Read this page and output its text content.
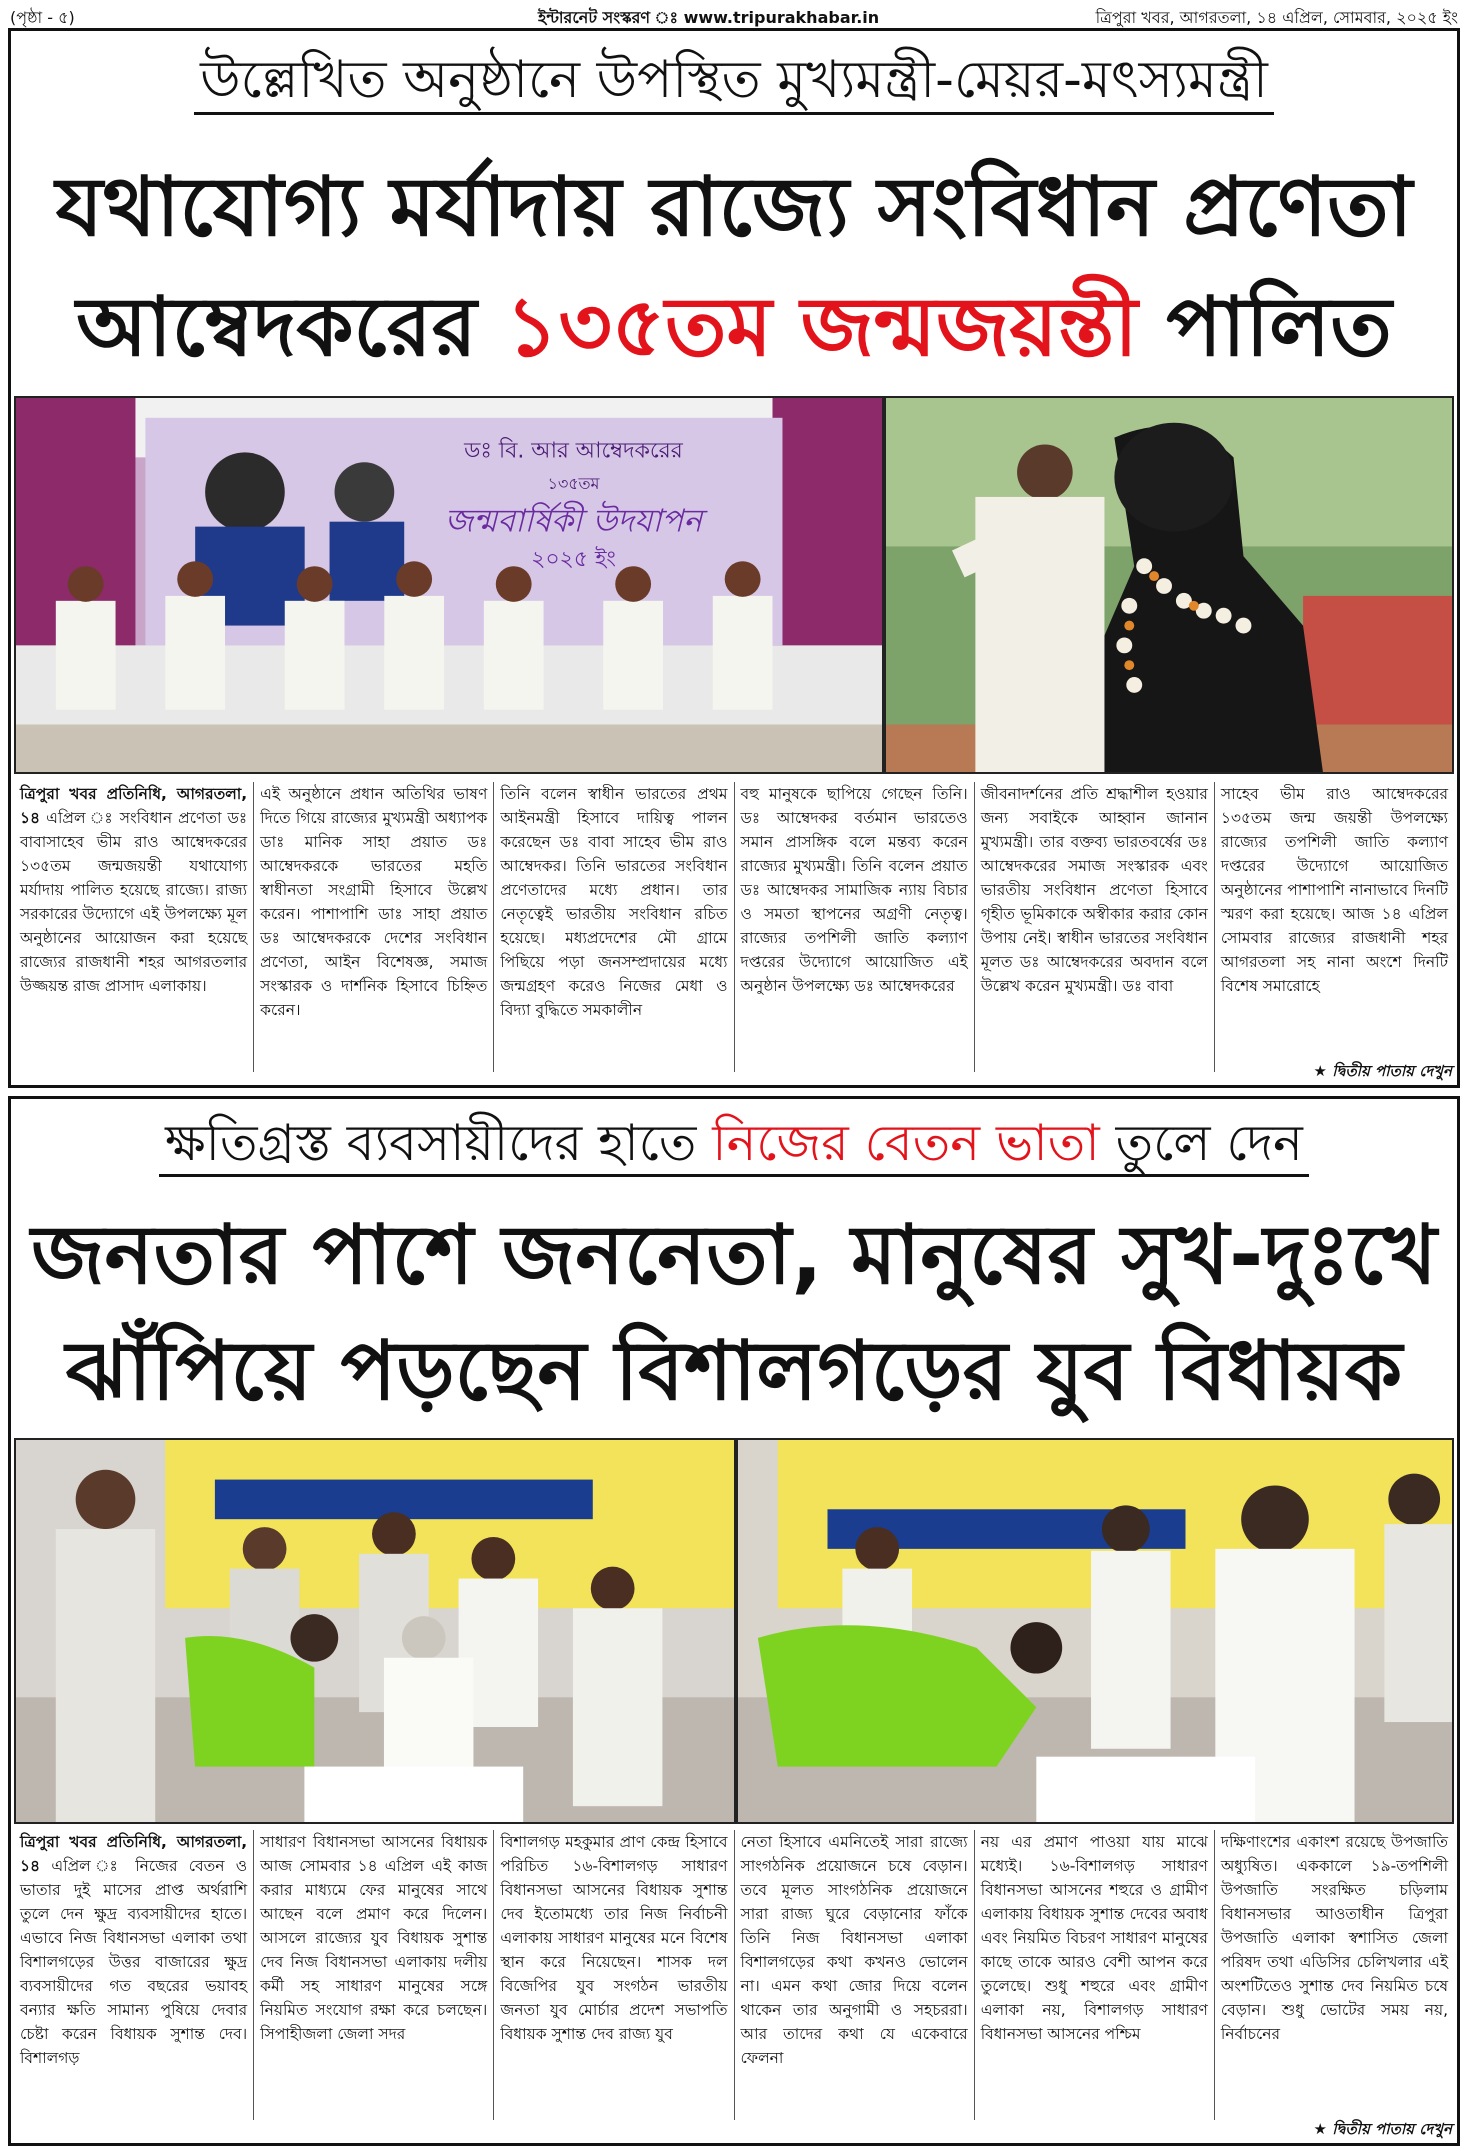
(পৃষ্ঠা - ৫)	ইন্টারনেট সংস্করণ ঃ www.tripurakhabar.in	ত্রিপুরা খবর, আগরতলা, ১৪ এপ্রিল, সোমবার, ২০২৫ ইং
উল্লেখিত অনুষ্ঠানে উপস্থিত মুখ্যমন্ত্রী-মেয়র-মৎস্যমন্ত্রী
যথাযোগ্য মর্যাদায় রাজ্যে সংবিধান প্রণেতা
আম্বেদকরের ১৩৫তম জন্মজয়ন্তী পালিত
ডঃ বি. আর আম্বেদকরের
১৩৫তম
জন্মবার্ষিকী উদযাপন
২০২৫ ইং
ত্রিপুরা খবর প্রতিনিধি, আগরতলা, ১৪ এপ্রিল ঃ সংবিধান প্রণেতা ডঃ বাবাসাহেব ভীম রাও আম্বেদকরের ১৩৫তম জন্মজয়ন্তী যথাযোগ্য মর্যাদায় পালিত হয়েছে রাজ্যে। রাজ্য সরকারের উদ্যোগে এই উপলক্ষ্যে মূল অনুষ্ঠানের আয়োজন করা হয়েছে রাজ্যের রাজধানী শহর আগরতলার উজ্জয়ন্ত রাজ প্রাসাদ এলাকায়।
এই অনুষ্ঠানে প্রধান অতিথির ভাষণ দিতে গিয়ে রাজ্যের মুখ্যমন্ত্রী অধ্যাপক ডাঃ মানিক সাহা প্রয়াত ডঃ আম্বেদকরকে ভারতের মহতি স্বাধীনতা সংগ্রামী হিসাবে উল্লেখ করেন। পাশাপাশি ডাঃ সাহা প্রয়াত ডঃ আম্বেদকরকে দেশের সংবিধান প্রণেতা, আইন বিশেষজ্ঞ, সমাজ সংস্কারক ও দার্শনিক হিসাবে চিহ্নিত করেন।
তিনি বলেন স্বাধীন ভারতের প্রথম আইনমন্ত্রী হিসাবে দায়িত্ব পালন করেছেন ডঃ বাবা সাহেব ভীম রাও আম্বেদকর। তিনি ভারতের সংবিধান প্রণেতাদের মধ্যে প্রধান। তার নেতৃত্বেই ভারতীয় সংবিধান রচিত হয়েছে। মধ্যপ্রদেশের মৌ গ্রামে পিছিয়ে পড়া জনসম্প্রদায়ের মধ্যে জন্মগ্রহণ করেও নিজের মেধা ও বিদ্যা বুদ্ধিতে সমকালীন
বহু মানুষকে ছাপিয়ে গেছেন তিনি। ডঃ আম্বেদকর বর্তমান ভারতেও সমান প্রাসঙ্গিক বলে মন্তব্য করেন রাজ্যের মুখ্যমন্ত্রী। তিনি বলেন প্রয়াত ডঃ আম্বেদকর সামাজিক ন্যায় বিচার ও সমতা স্থাপনের অগ্রণী নেতৃত্ব। রাজ্যের তপশিলী জাতি কল্যাণ দপ্তরের উদ্যোগে আয়োজিত এই অনুষ্ঠান উপলক্ষ্যে ডঃ আম্বেদকরের
জীবনাদর্শনের প্রতি শ্রদ্ধাশীল হওয়ার জন্য সবাইকে আহ্বান জানান মুখ্যমন্ত্রী। তার বক্তব্য ভারতবর্ষের ডঃ আম্বেদকরের সমাজ সংস্কারক এবং ভারতীয় সংবিধান প্রণেতা হিসাবে গৃহীত ভূমিকাকে অস্বীকার করার কোন উপায় নেই। স্বাধীন ভারতের সংবিধান মূলত ডঃ আম্বেদকরের অবদান বলে উল্লেখ করেন মুখ্যমন্ত্রী। ডঃ বাবা
সাহেব ভীম রাও আম্বেদকরের ১৩৫তম জন্ম জয়ন্তী উপলক্ষ্যে রাজ্যের তপশিলী জাতি কল্যাণ দপ্তরের উদ্যোগে আয়োজিত অনুষ্ঠানের পাশাপাশি নানাভাবে দিনটি স্মরণ করা হয়েছে। আজ ১৪ এপ্রিল সোমবার রাজ্যের রাজধানী শহর আগরতলা সহ নানা অংশে দিনটি বিশেষ সমারোহে
★ দ্বিতীয় পাতায় দেখুন
ক্ষতিগ্রস্ত ব্যবসায়ীদের হাতে নিজের বেতন ভাতা তুলে দেন
জনতার পাশে জননেতা, মানুষের সুখ-দুঃখে
ঝাঁপিয়ে পড়ছেন বিশালগড়ের যুব বিধায়ক
ত্রিপুরা খবর প্রতিনিধি, আগরতলা, ১৪ এপ্রিল ঃ নিজের বেতন ও ভাতার দুই মাসের প্রাপ্ত অর্থরাশি তুলে দেন ক্ষুদ্র ব্যবসায়ীদের হাতে। এভাবে নিজ বিধানসভা এলাকা তথা বিশালগড়ের উত্তর বাজারের ক্ষুদ্র ব্যবসায়ীদের গত বছরের ভয়াবহ বন্যার ক্ষতি সামান্য পুষিয়ে দেবার চেষ্টা করেন বিধায়ক সুশান্ত দেব। বিশালগড়
সাধারণ বিধানসভা আসনের বিধায়ক আজ সোমবার ১৪ এপ্রিল এই কাজ করার মাধ্যমে ফের মানুষের সাথে আছেন বলে প্রমাণ করে দিলেন। আসলে রাজ্যের যুব বিধায়ক সুশান্ত দেব নিজ বিধানসভা এলাকায় দলীয় কর্মী সহ সাধারণ মানুষের সঙ্গে নিয়মিত সংযোগ রক্ষা করে চলছেন। সিপাহীজলা জেলা সদর
বিশালগড় মহকুমার প্রাণ কেন্দ্র হিসাবে পরিচিত ১৬-বিশালগড় সাধারণ বিধানসভা আসনের বিধায়ক সুশান্ত দেব ইতোমধ্যে তার নিজ নির্বাচনী এলাকায় সাধারণ মানুষের মনে বিশেষ স্থান করে নিয়েছেন। শাসক দল বিজেপির যুব সংগঠন ভারতীয় জনতা যুব মোর্চার প্রদেশ সভাপতি বিধায়ক সুশান্ত দেব রাজ্য যুব
নেতা হিসাবে এমনিতেই সারা রাজ্যে সাংগঠনিক প্রয়োজনে চষে বেড়ান। তবে মূলত সাংগঠনিক প্রয়োজনে সারা রাজ্য ঘুরে বেড়ানোর ফাঁকে তিনি নিজ বিধানসভা এলাকা বিশালগড়ের কথা কখনও ভোলেন না। এমন কথা জোর দিয়ে বলেন থাকেন তার অনুগামী ও সহচররা। আর তাদের কথা যে একেবারে ফেলনা
নয় এর প্রমাণ পাওয়া যায় মাঝে মধ্যেই। ১৬-বিশালগড় সাধারণ বিধানসভা আসনের শহুরে ও গ্রামীণ এলাকায় বিধায়ক সুশান্ত দেবের অবাধ এবং নিয়মিত বিচরণ সাধারণ মানুষের কাছে তাকে আরও বেশী আপন করে তুলেছে। শুধু শহুরে এবং গ্রামীণ এলাকা নয়, বিশালগড় সাধারণ বিধানসভা আসনের পশ্চিম
দক্ষিণাংশের একাংশ রয়েছে উপজাতি অধ্যুষিত। এককালে ১৯-তপশিলী উপজাতি সংরক্ষিত চড়িলাম বিধানসভার আওতাধীন ত্রিপুরা উপজাতি এলাকা স্বশাসিত জেলা পরিষদ তথা এডিসির চেলিখলার এই অংশটিতেও সুশান্ত দেব নিয়মিত চষে বেড়ান। শুধু ভোটের সময় নয়, নির্বাচনের
★ দ্বিতীয় পাতায় দেখুন
